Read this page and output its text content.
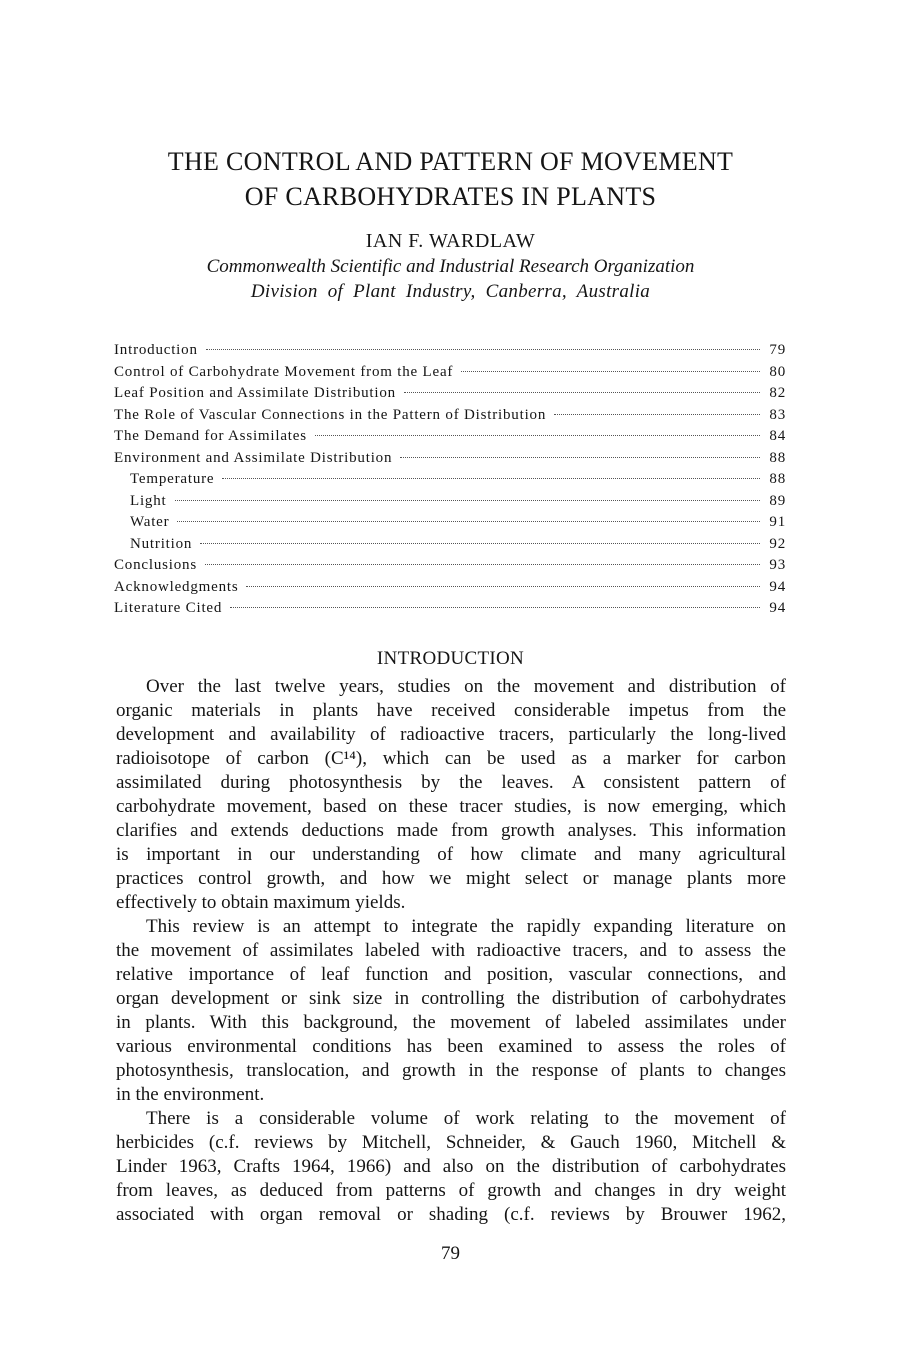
THE CONTROL AND PATTERN OF MOVEMENT
OF CARBOHYDRATES IN PLANTS
IAN F. WARDLAW
Commonwealth Scientific and Industrial Research Organization
Division of Plant Industry, Canberra, Australia
Introduction	79
Control of Carbohydrate Movement from the Leaf	80
Leaf Position and Assimilate Distribution	82
The Role of Vascular Connections in the Pattern of Distribution	83
The Demand for Assimilates	84
Environment and Assimilate Distribution	88
Temperature	88
Light	89
Water	91
Nutrition	92
Conclusions	93
Acknowledgments	94
Literature Cited	94
INTRODUCTION
Over the last twelve years, studies on the movement and distribution of
organic materials in plants have received considerable impetus from the
development and availability of radioactive tracers, particularly the long-lived
radioisotope of carbon (C¹⁴), which can be used as a marker for carbon
assimilated during photosynthesis by the leaves. A consistent pattern of
carbohydrate movement, based on these tracer studies, is now emerging, which
clarifies and extends deductions made from growth analyses. This information
is important in our understanding of how climate and many agricultural
practices control growth, and how we might select or manage plants more
effectively to obtain maximum yields.
This review is an attempt to integrate the rapidly expanding literature on
the movement of assimilates labeled with radioactive tracers, and to assess the
relative importance of leaf function and position, vascular connections, and
organ development or sink size in controlling the distribution of carbohydrates
in plants. With this background, the movement of labeled assimilates under
various environmental conditions has been examined to assess the roles of
photosynthesis, translocation, and growth in the response of plants to changes
in the environment.
There is a considerable volume of work relating to the movement of
herbicides (c.f. reviews by Mitchell, Schneider, & Gauch 1960, Mitchell &
Linder 1963, Crafts 1964, 1966) and also on the distribution of carbohydrates
from leaves, as deduced from patterns of growth and changes in dry weight
associated with organ removal or shading (c.f. reviews by Brouwer 1962,
79
